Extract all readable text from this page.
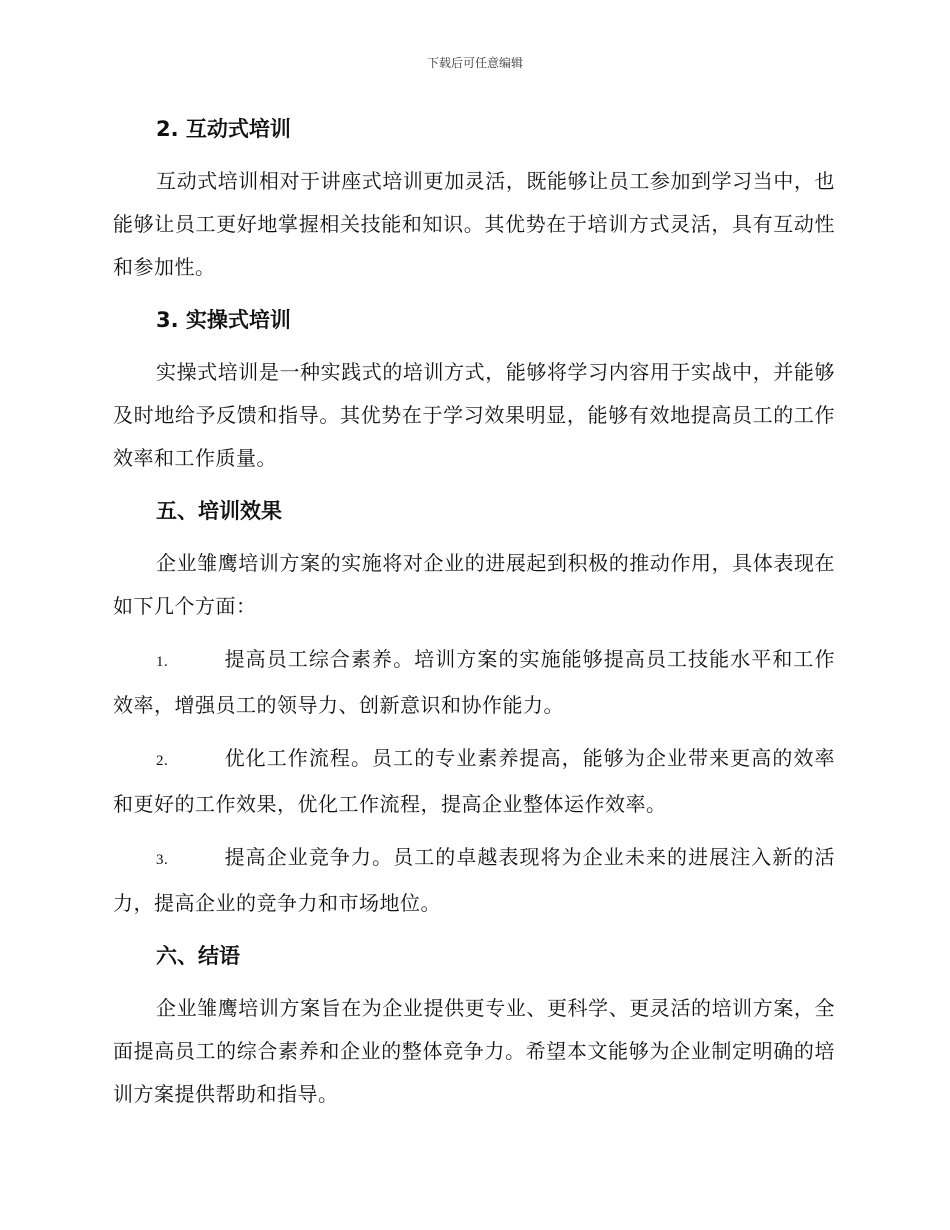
下载后可任意编辑
2. 互动式培训

互动式培训相对于讲座式培训更加灵活，既能够让员工参加到学习当中，也能够让员工更好地掌握相关技能和知识。其优势在于培训方式灵活，具有互动性和参加性。

3. 实操式培训

实操式培训是一种实践式的培训方式，能够将学习内容用于实战中，并能够及时地给予反馈和指导。其优势在于学习效果明显，能够有效地提高员工的工作效率和工作质量。

五、培训效果

企业雏鹰培训方案的实施将对企业的进展起到积极的推动作用，具体表现在如下几个方面：

1.	提高员工综合素养。培训方案的实施能够提高员工技能水平和工作效率，增强员工的领导力、创新意识和协作能力。

2.	优化工作流程。员工的专业素养提高，能够为企业带来更高的效率和更好的工作效果，优化工作流程，提高企业整体运作效率。

3.	提高企业竞争力。员工的卓越表现将为企业未来的进展注入新的活力，提高企业的竞争力和市场地位。

六、结语

企业雏鹰培训方案旨在为企业提供更专业、更科学、更灵活的培训方案，全面提高员工的综合素养和企业的整体竞争力。希望本文能够为企业制定明确的培训方案提供帮助和指导。
